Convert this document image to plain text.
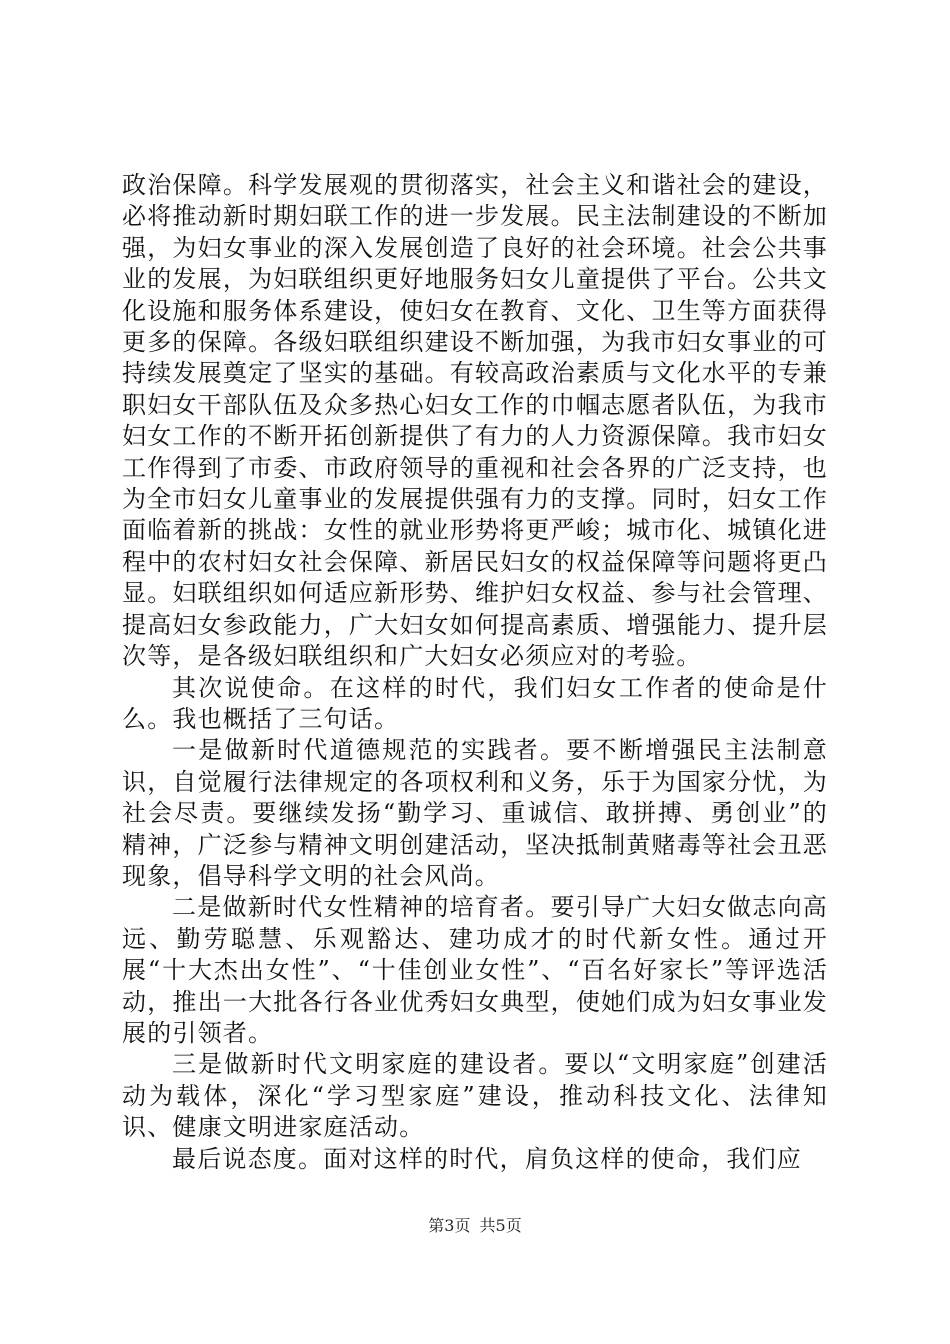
政治保障。科学发展观的贯彻落实，社会主义和谐社会的建设，必将推动新时期妇联工作的进一步发展。民主法制建设的不断加强，为妇女事业的深入发展创造了良好的社会环境。社会公共事业的发展，为妇联组织更好地服务妇女儿童提供了平台。公共文化设施和服务体系建设，使妇女在教育、文化、卫生等方面获得更多的保障。各级妇联组织建设不断加强，为我市妇女事业的可持续发展奠定了坚实的基础。有较高政治素质与文化水平的专兼职妇女干部队伍及众多热心妇女工作的巾帼志愿者队伍，为我市妇女工作的不断开拓创新提供了有力的人力资源保障。我市妇女工作得到了市委、市政府领导的重视和社会各界的广泛支持，也为全市妇女儿童事业的发展提供强有力的支撑。同时，妇女工作面临着新的挑战：女性的就业形势将更严峻；城市化、城镇化进程中的农村妇女社会保障、新居民妇女的权益保障等问题将更凸显。妇联组织如何适应新形势、维护妇女权益、参与社会管理、提高妇女参政能力，广大妇女如何提高素质、增强能力、提升层次等，是各级妇联组织和广大妇女必须应对的考验。

其次说使命。在这样的时代，我们妇女工作者的使命是什么。我也概括了三句话。

一是做新时代道德规范的实践者。要不断增强民主法制意识，自觉履行法律规定的各项权利和义务，乐于为国家分忧，为社会尽责。要继续发扬“勤学习、重诚信、敢拼搏、勇创业”的精神，广泛参与精神文明创建活动，坚决抵制黄赌毒等社会丑恶现象，倡导科学文明的社会风尚。

二是做新时代女性精神的培育者。要引导广大妇女做志向高远、勤劳聪慧、乐观豁达、建功成才的时代新女性。通过开展“十大杰出女性”、“十佳创业女性”、“百名好家长”等评选活动，推出一大批各行各业优秀妇女典型，使她们成为妇女事业发展的引领者。

三是做新时代文明家庭的建设者。要以“文明家庭”创建活动为载体，深化“学习型家庭”建设，推动科技文化、法律知识、健康文明进家庭活动。

最后说态度。面对这样的时代，肩负这样的使命，我们应

第3页 共5页
